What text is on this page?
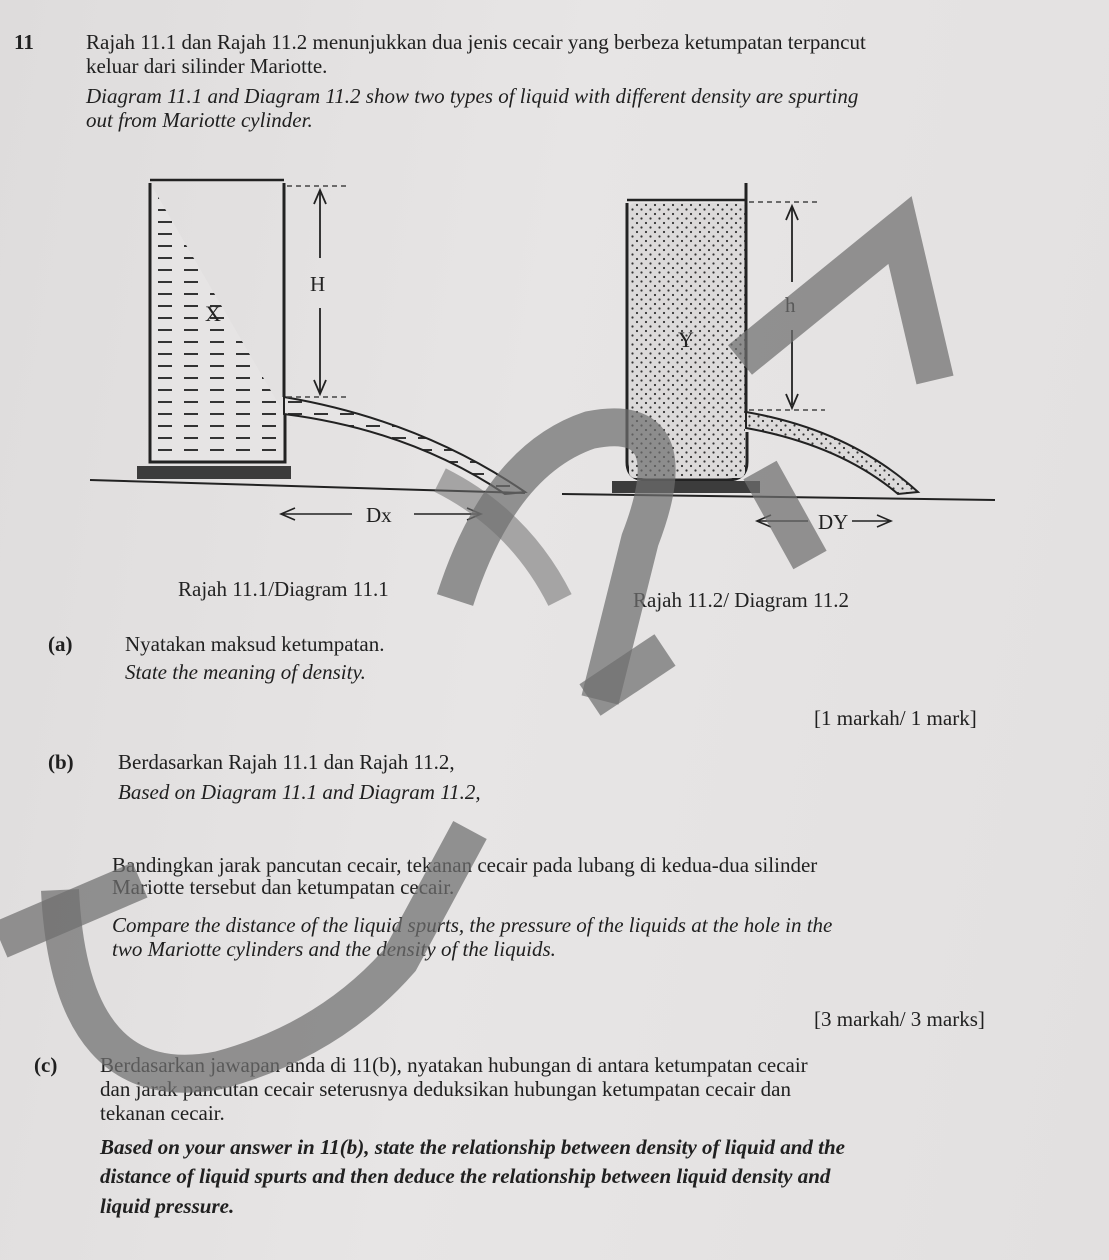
11 Rajah 11.1 dan Rajah 11.2 menunjukkan dua jenis cecair yang berbeza ketumpatan terpancut

keluar dari silinder Mariotte.

Diagram 11.1 and Diagram 11.2 show two types of liquid with different density are spurting

out from Mariotte cylinder.

H
X
Dx
Rajah 11.1/Diagram 11.1
h
Y
DY
Rajah 11.2/ Diagram 11.2

(a)	Nyatakan maksud ketumpatan.

State the meaning of density.

[1 markah/ 1 mark]

(b) Berdasarkan Rajah 11.1 dan Rajah 11.2,

Based on Diagram 11.1 and Diagram 11.2,

Bandingkan jarak pancutan cecair, tekanan cecair pada lubang di kedua-dua silinder

Mariotte tersebut dan ketumpatan cecair.

Compare the distance of the liquid spurts, the pressure of the liquids at the hole in the

two Mariotte cylinders and the density of the liquids.

[3 markah/ 3 marks]

(c) Berdasarkan jawapan anda di 11(b), nyatakan hubungan di antara ketumpatan cecair

dan jarak pancutan cecair seterusnya deduksikan hubungan ketumpatan cecair dan

tekanan cecair.

Based on your answer in 11(b), state the relationship between density of liquid and the

distance of liquid spurts and then deduce the relationship between liquid density and

liquid pressure.
